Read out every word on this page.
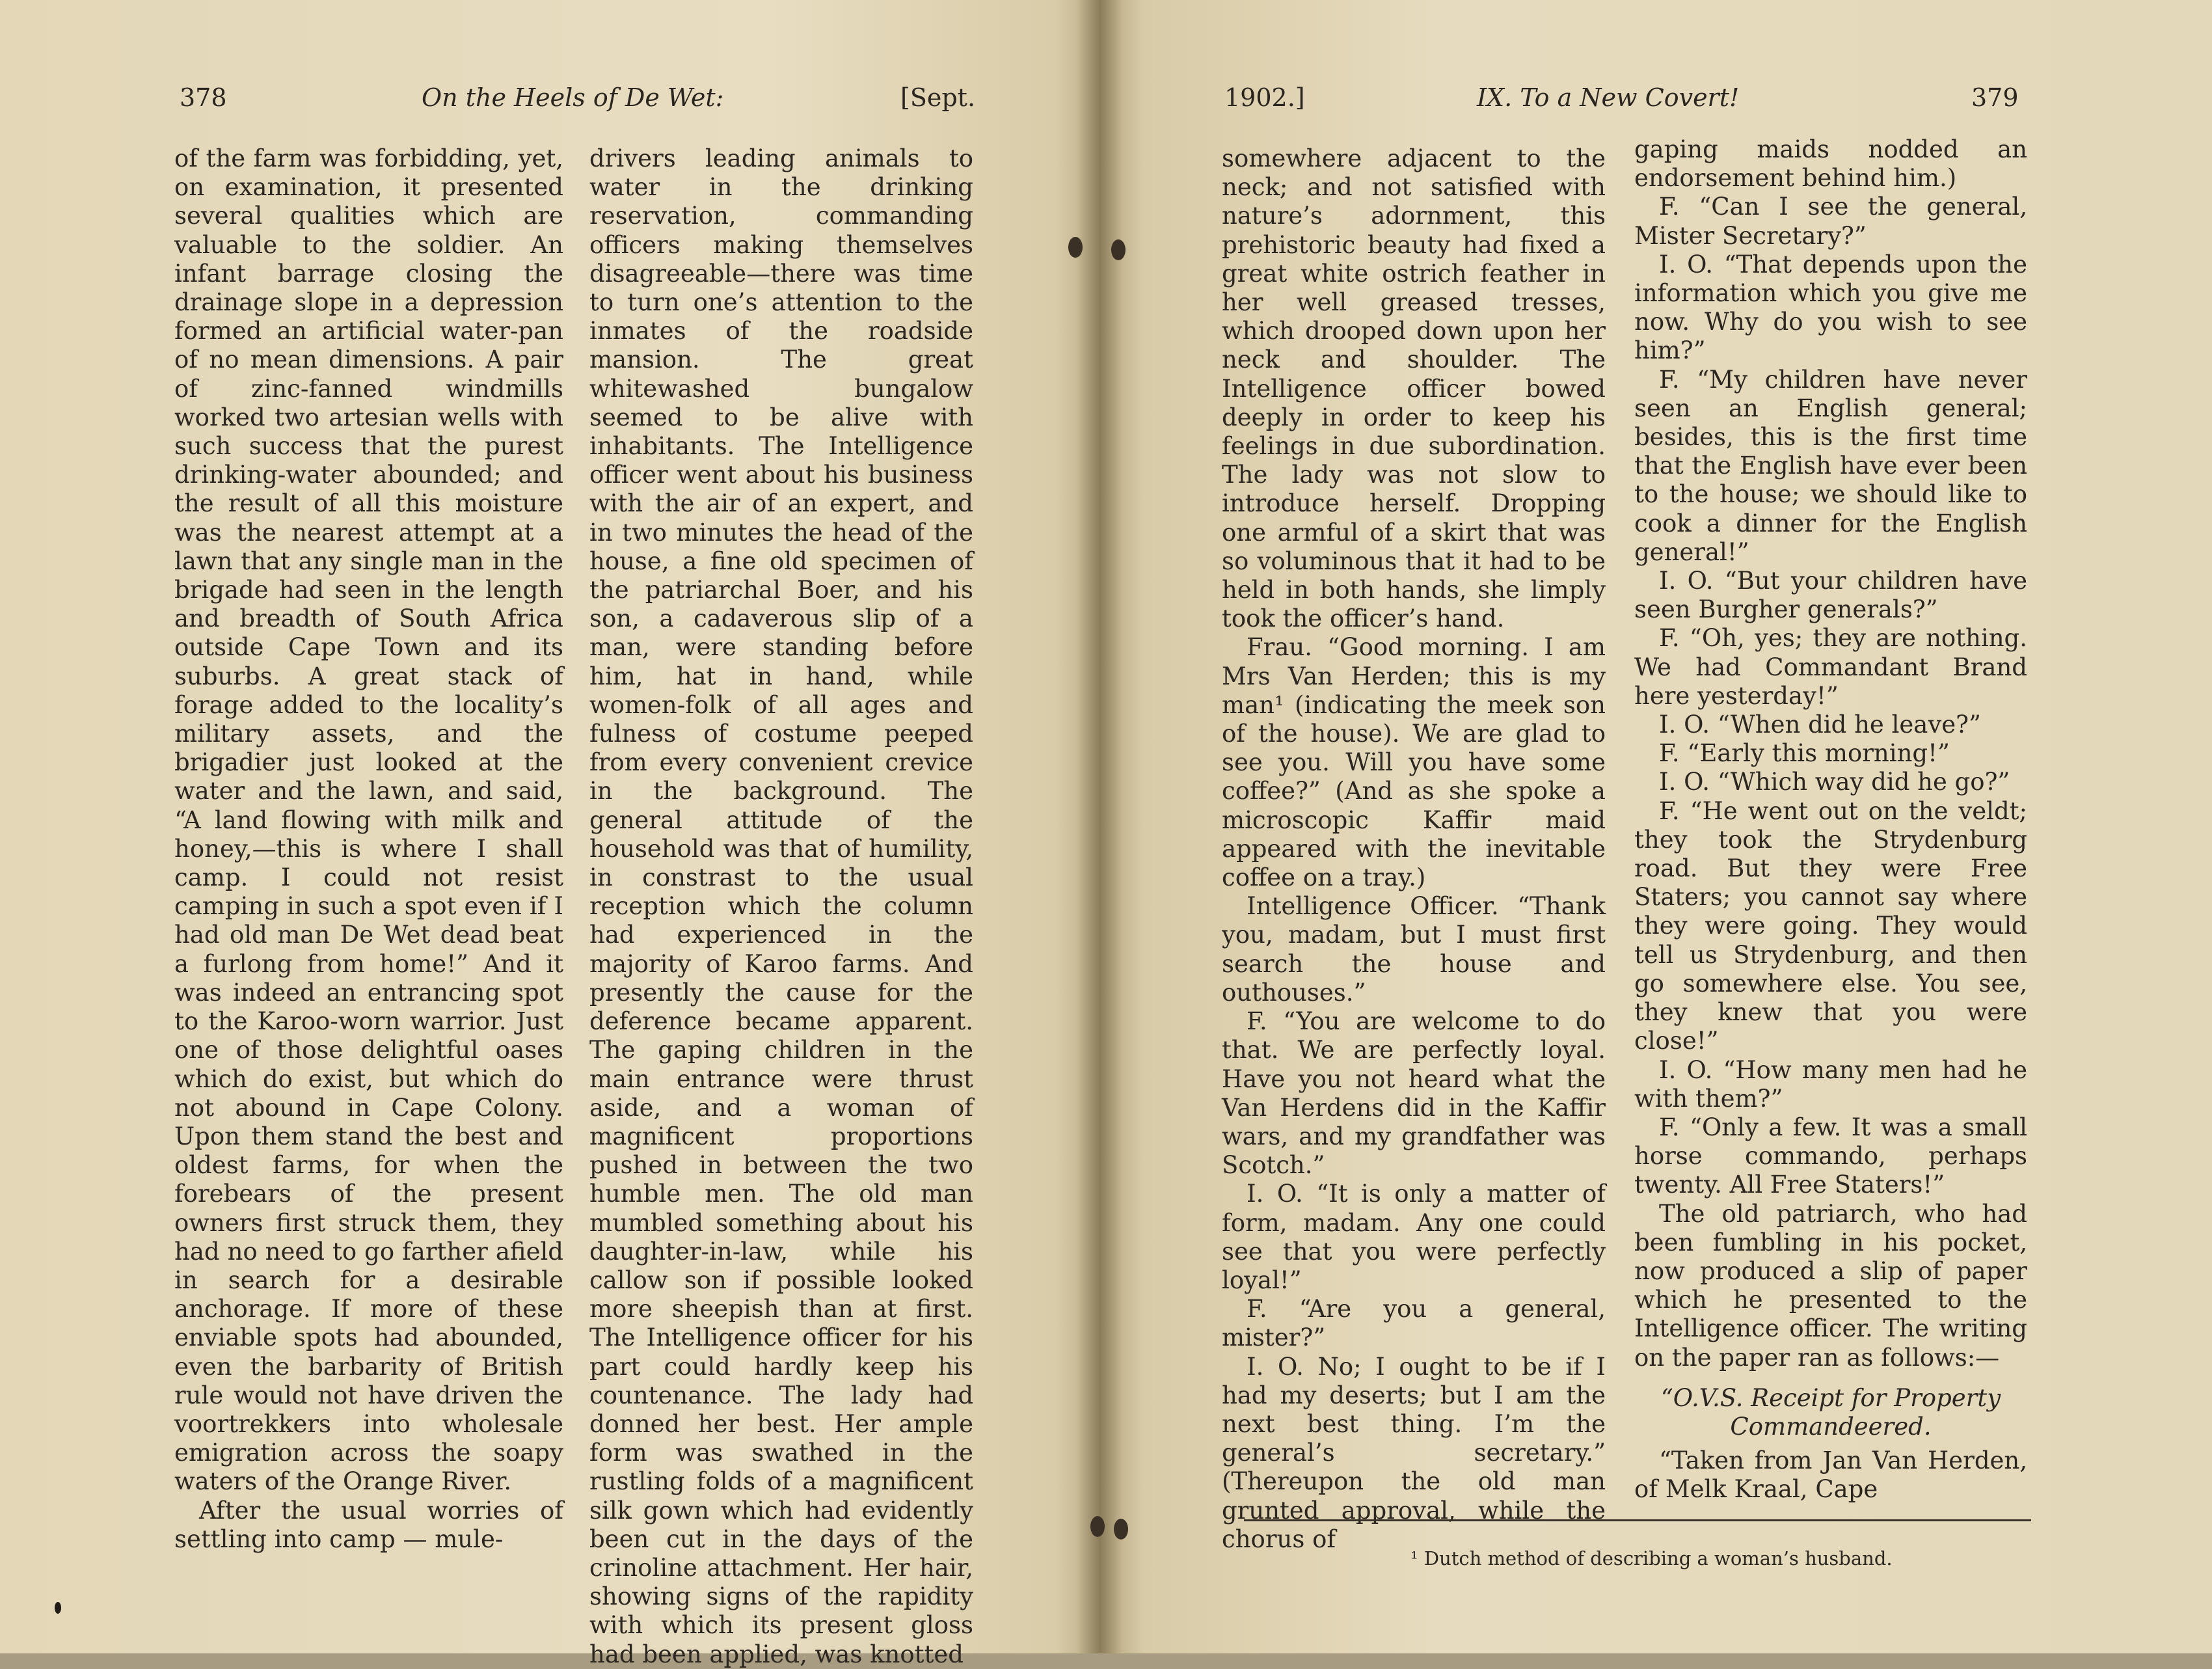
378	On the Heels of De Wet:	[Sept.

of the farm was forbidding, yet, on examination, it presented several qualities which are valuable to the soldier. An infant barrage closing the drainage slope in a depression formed an artificial water-pan of no mean dimensions. A pair of zinc-fanned windmills worked two artesian wells with such success that the purest drinking-water abounded; and the result of all this moisture was the nearest attempt at a lawn that any single man in the brigade had seen in the length and breadth of South Africa outside Cape Town and its suburbs. A great stack of forage added to the locality’s military assets, and the brigadier just looked at the water and the lawn, and said, “A land flowing with milk and honey,—this is where I shall camp. I could not resist camping in such a spot even if I had old man De Wet dead beat a furlong from home!” And it was indeed an entrancing spot to the Karoo-worn warrior. Just one of those delightful oases which do exist, but which do not abound in Cape Colony. Upon them stand the best and oldest farms, for when the forebears of the present owners first struck them, they had no need to go farther afield in search for a desirable anchorage. If more of these enviable spots had abounded, even the barbarity of British rule would not have driven the voortrekkers into wholesale emigration across the soapy waters of the Orange River.

After the usual worries of settling into camp — mule-

drivers leading animals to water in the drinking reservation, commanding officers making themselves disagreeable—there was time to turn one’s attention to the inmates of the roadside mansion. The great whitewashed bungalow seemed to be alive with inhabitants. The Intelligence officer went about his business with the air of an expert, and in two minutes the head of the house, a fine old specimen of the patriarchal Boer, and his son, a cadaverous slip of a man, were standing before him, hat in hand, while women-folk of all ages and fulness of costume peeped from every convenient crevice in the background. The general attitude of the household was that of humility, in constrast to the usual reception which the column had experienced in the majority of Karoo farms. And presently the cause for the deference became apparent. The gaping children in the main entrance were thrust aside, and a woman of magnificent proportions pushed in between the two humble men. The old man mumbled something about his daughter-in-law, while his callow son if possible looked more sheepish than at first. The Intelligence officer for his part could hardly keep his countenance. The lady had donned her best. Her ample form was swathed in the rustling folds of a magnificent silk gown which had evidently been cut in the days of the crinoline attachment. Her hair, showing signs of the rapidity with which its present gloss had been applied, was knotted

1902.]	IX. To a New Covert!	379

somewhere adjacent to the neck; and not satisfied with nature’s adornment, this prehistoric beauty had fixed a great white ostrich feather in her well greased tresses, which drooped down upon her neck and shoulder. The Intelligence officer bowed deeply in order to keep his feelings in due subordination. The lady was not slow to introduce herself. Dropping one armful of a skirt that was so voluminous that it had to be held in both hands, she limply took the officer’s hand.

Frau. “Good morning. I am Mrs Van Herden; this is my man¹ (indicating the meek son of the house). We are glad to see you. Will you have some coffee?” (And as she spoke a microscopic Kaffir maid appeared with the inevitable coffee on a tray.)

Intelligence Officer. “Thank you, madam, but I must first search the house and outhouses.”

F. “You are welcome to do that. We are perfectly loyal. Have you not heard what the Van Herdens did in the Kaffir wars, and my grandfather was Scotch.”

I. O. “It is only a matter of form, madam. Any one could see that you were perfectly loyal!”

F. “Are you a general, mister?”

I. O. No; I ought to be if I had my deserts; but I am the next best thing. I’m the general’s secretary.” (Thereupon the old man grunted approval, while the chorus of

gaping maids nodded an endorsement behind him.)

F. “Can I see the general, Mister Secretary?”

I. O. “That depends upon the information which you give me now. Why do you wish to see him?”

F. “My children have never seen an English general; besides, this is the first time that the English have ever been to the house; we should like to cook a dinner for the English general!”

I. O. “But your children have seen Burgher generals?”

F. “Oh, yes; they are nothing. We had Commandant Brand here yesterday!”

I. O. “When did he leave?”

F. “Early this morning!”

I. O. “Which way did he go?”

F. “He went out on the veldt; they took the Strydenburg road. But they were Free Staters; you cannot say where they were going. They would tell us Strydenburg, and then go somewhere else. You see, they knew that you were close!”

I. O. “How many men had he with them?”

F. “Only a few. It was a small horse commando, perhaps twenty. All Free Staters!”

The old patriarch, who had been fumbling in his pocket, now produced a slip of paper which he presented to the Intelligence officer. The writing on the paper ran as follows:—

“O.V.S. Receipt for Property Commandeered.

“Taken from Jan Van Herden, of Melk Kraal, Cape

¹ Dutch method of describing a woman’s husband.
